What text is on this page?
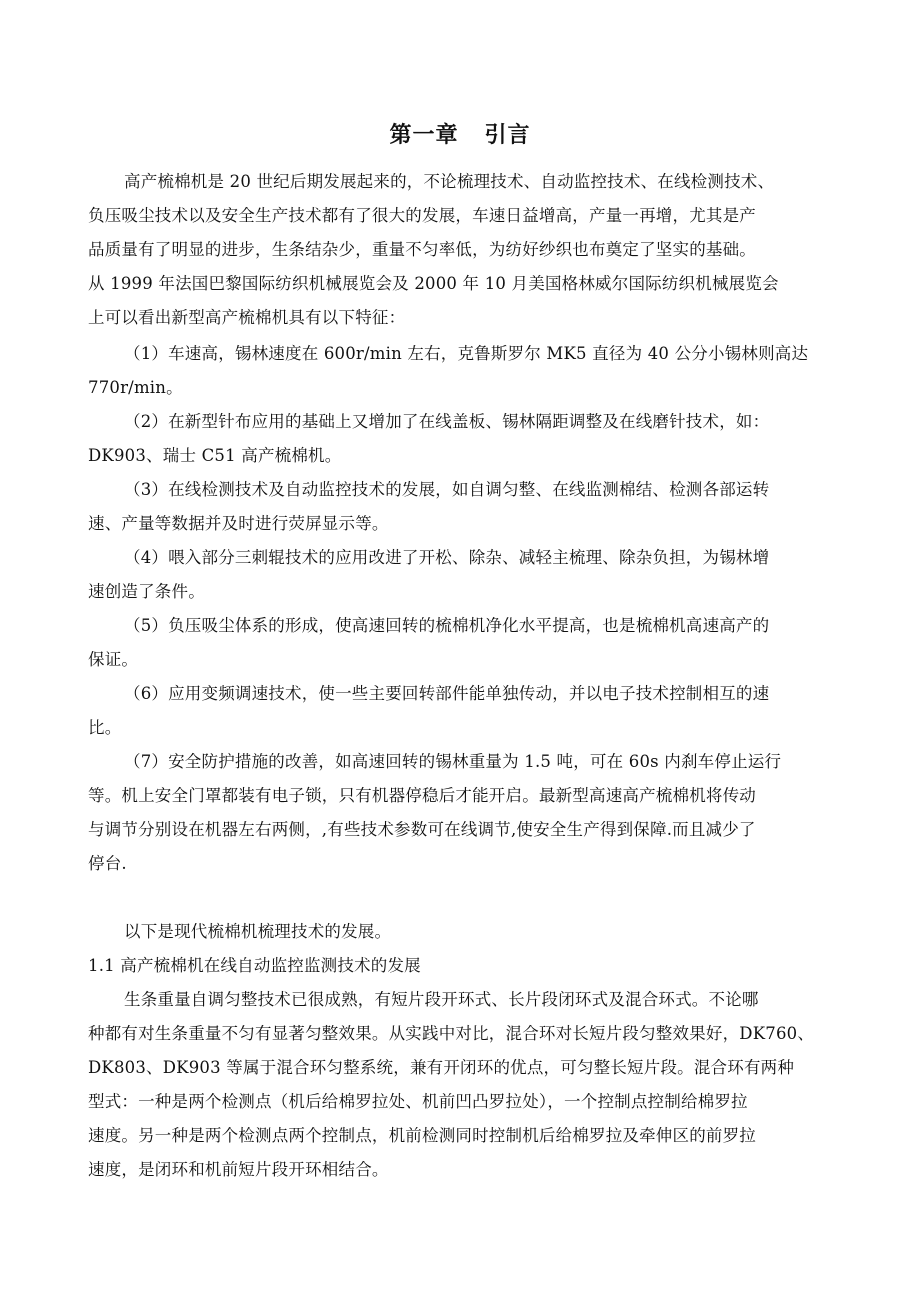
第一章   引言
高产梳棉机是 20 世纪后期发展起来的，不论梳理技术、自动监控技术、在线检测技术、
负压吸尘技术以及安全生产技术都有了很大的发展，车速日益增高，产量一再增，尤其是产
品质量有了明显的进步，生条结杂少，重量不匀率低，为纺好纱织也布奠定了坚实的基础。
从 1999 年法国巴黎国际纺织机械展览会及 2000 年 10 月美国格林威尔国际纺织机械展览会
上可以看出新型高产梳棉机具有以下特征：
（1）车速高，锡林速度在 600r/min 左右，克鲁斯罗尔 MK5 直径为 40 公分小锡林则高达
770r/min。
（2）在新型针布应用的基础上又增加了在线盖板、锡林隔距调整及在线磨针技术，如：
DK903、瑞士 C51 高产梳棉机。
（3）在线检测技术及自动监控技术的发展，如自调匀整、在线监测棉结、检测各部运转
速、产量等数据并及时进行荧屏显示等。
（4）喂入部分三刺辊技术的应用改进了开松、除杂、减轻主梳理、除杂负担，为锡林增
速创造了条件。
（5）负压吸尘体系的形成，使高速回转的梳棉机净化水平提高，也是梳棉机高速高产的
保证。
（6）应用变频调速技术，使一些主要回转部件能单独传动，并以电子技术控制相互的速
比。
（7）安全防护措施的改善，如高速回转的锡林重量为 1.5 吨，可在 60s 内刹车停止运行
等。机上安全门罩都装有电子锁，只有机器停稳后才能开启。最新型高速高产梳棉机将传动
与调节分别设在机器左右两侧，,有些技术参数可在线调节,使安全生产得到保障.而且减少了
停台.
以下是现代梳棉机梳理技术的发展。
1.1 高产梳棉机在线自动监控监测技术的发展
生条重量自调匀整技术已很成熟，有短片段开环式、长片段闭环式及混合环式。不论哪
种都有对生条重量不匀有显著匀整效果。从实践中对比，混合环对长短片段匀整效果好，DK760、
DK803、DK903 等属于混合环匀整系统，兼有开闭环的优点，可匀整长短片段。混合环有两种
型式：一种是两个检测点（机后给棉罗拉处、机前凹凸罗拉处），一个控制点控制给棉罗拉
速度。另一种是两个检测点两个控制点，机前检测同时控制机后给棉罗拉及牵伸区的前罗拉
速度，是闭环和机前短片段开环相结合。
